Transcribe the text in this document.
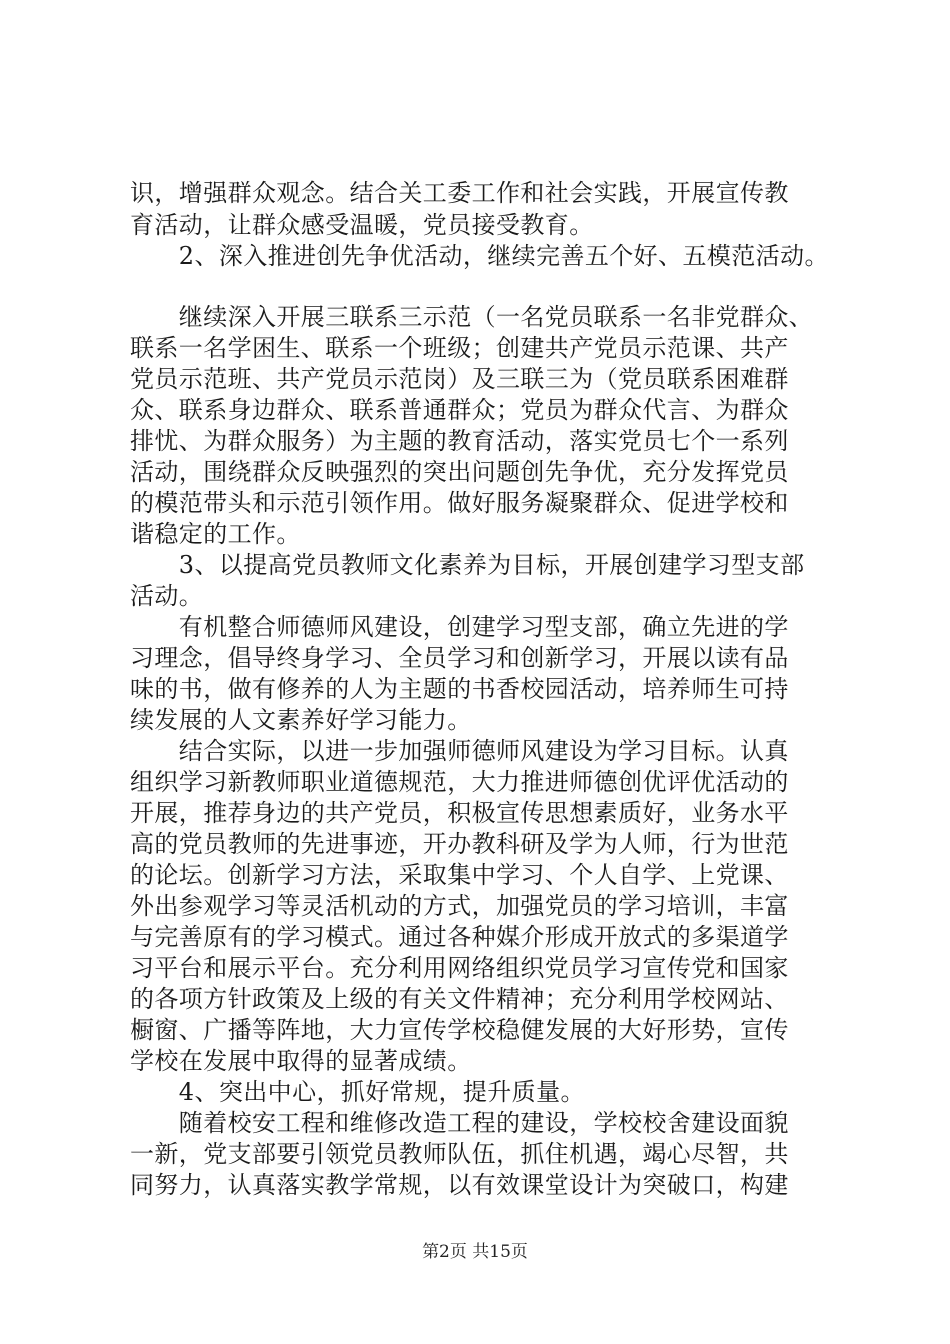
识，增强群众观念。结合关工委工作和社会实践，开展宣传教
育活动，让群众感受温暖，党员接受教育。
　　2、深入推进创先争优活动，继续完善五个好、五模范活动。
　　继续深入开展三联系三示范（一名党员联系一名非党群众、
联系一名学困生、联系一个班级；创建共产党员示范课、共产
党员示范班、共产党员示范岗）及三联三为（党员联系困难群
众、联系身边群众、联系普通群众；党员为群众代言、为群众
排忧、为群众服务）为主题的教育活动，落实党员七个一系列
活动，围绕群众反映强烈的突出问题创先争优，充分发挥党员
的模范带头和示范引领作用。做好服务凝聚群众、促进学校和
谐稳定的工作。
　　3、以提高党员教师文化素养为目标，开展创建学习型支部
活动。
　　有机整合师德师风建设，创建学习型支部，确立先进的学
习理念，倡导终身学习、全员学习和创新学习，开展以读有品
味的书，做有修养的人为主题的书香校园活动，培养师生可持
续发展的人文素养好学习能力。
　　结合实际，以进一步加强师德师风建设为学习目标。认真
组织学习新教师职业道德规范，大力推进师德创优评优活动的
开展，推荐身边的共产党员，积极宣传思想素质好，业务水平
高的党员教师的先进事迹，开办教科研及学为人师，行为世范
的论坛。创新学习方法，采取集中学习、个人自学、上党课、
外出参观学习等灵活机动的方式，加强党员的学习培训，丰富
与完善原有的学习模式。通过各种媒介形成开放式的多渠道学
习平台和展示平台。充分利用网络组织党员学习宣传党和国家
的各项方针政策及上级的有关文件精神；充分利用学校网站、
橱窗、广播等阵地，大力宣传学校稳健发展的大好形势，宣传
学校在发展中取得的显著成绩。
　　4、突出中心，抓好常规，提升质量。
　　随着校安工程和维修改造工程的建设，学校校舍建设面貌
一新，党支部要引领党员教师队伍，抓住机遇，竭心尽智，共
同努力，认真落实教学常规，以有效课堂设计为突破口，构建
第2页 共15页
